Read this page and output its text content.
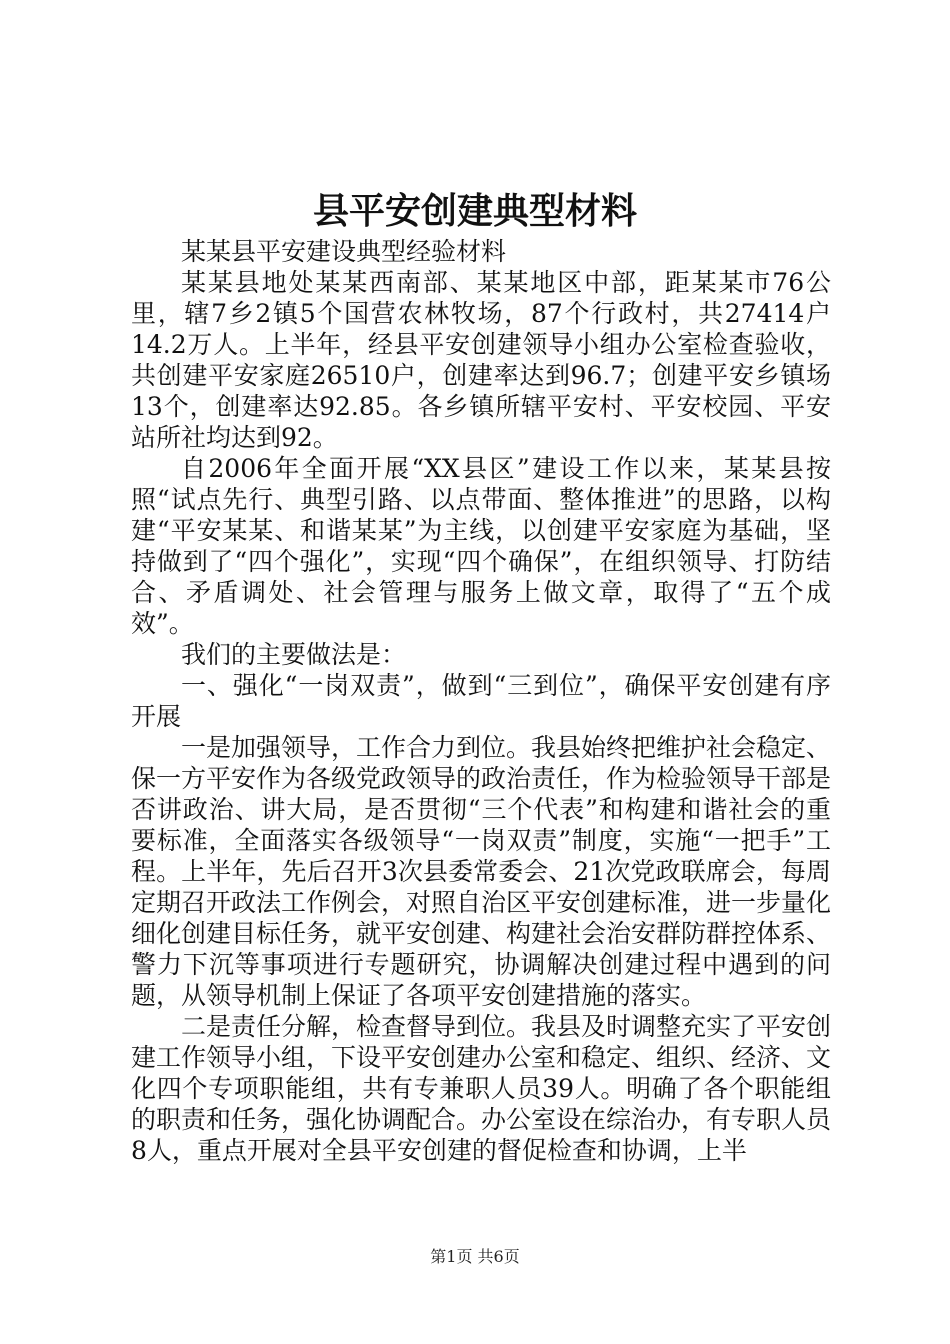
县平安创建典型材料

某某县平安建设典型经验材料

某某县地处某某西南部、某某地区中部，距某某市76公里，辖7乡2镇5个国营农林牧场，87个行政村，共27414户14.2万人。上半年，经县平安创建领导小组办公室检查验收，共创建平安家庭26510户，创建率达到96.7；创建平安乡镇场13个，创建率达92.85。各乡镇所辖平安村、平安校园、平安站所社均达到92。

自2006年全面开展“XX县区”建设工作以来，某某县按照“试点先行、典型引路、以点带面、整体推进”的思路，以构建“平安某某、和谐某某”为主线，以创建平安家庭为基础，坚持做到了“四个强化”，实现“四个确保”，在组织领导、打防结合、矛盾调处、社会管理与服务上做文章，取得了“五个成效”。

我们的主要做法是：

一、强化“一岗双责”，做到“三到位”，确保平安创建有序开展

一是加强领导，工作合力到位。我县始终把维护社会稳定、保一方平安作为各级党政领导的政治责任，作为检验领导干部是否讲政治、讲大局，是否贯彻“三个代表”和构建和谐社会的重要标准，全面落实各级领导“一岗双责”制度，实施“一把手”工程。上半年，先后召开3次县委常委会、21次党政联席会，每周定期召开政法工作例会，对照自治区平安创建标准，进一步量化细化创建目标任务，就平安创建、构建社会治安群防群控体系、警力下沉等事项进行专题研究，协调解决创建过程中遇到的问题，从领导机制上保证了各项平安创建措施的落实。

二是责任分解，检查督导到位。我县及时调整充实了平安创建工作领导小组，下设平安创建办公室和稳定、组织、经济、文化四个专项职能组，共有专兼职人员39人。明确了各个职能组的职责和任务，强化协调配合。办公室设在综治办，有专职人员8人，重点开展对全县平安创建的督促检查和协调，上半

第1页 共6页
